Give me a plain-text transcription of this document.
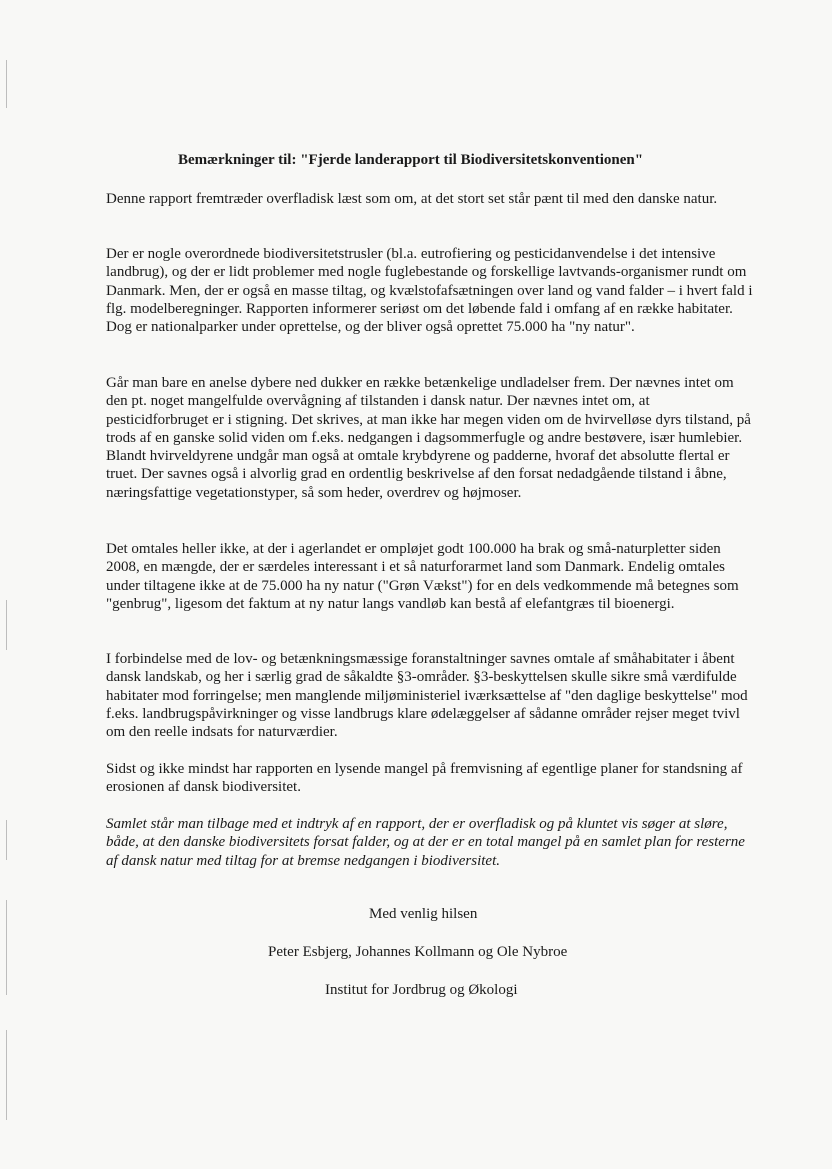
Bemærkninger til: "Fjerde landerapport til Biodiversitetskonventionen"
Denne rapport fremtræder overfladisk læst som om, at det stort set står pænt til med den danske natur.
Der er nogle overordnede biodiversitetstrusler (bl.a. eutrofiering og pesticidanvendelse i det intensive landbrug), og der er lidt problemer med nogle fuglebestande og forskellige lavtvands-organismer rundt om Danmark. Men, der er også en masse tiltag, og kvælstofafsætningen over land og vand falder – i hvert fald i flg. modelberegninger. Rapporten informerer seriøst om det løbende fald i omfang af en række habitater. Dog er nationalparker under oprettelse, og der bliver også oprettet 75.000 ha "ny natur".
Går man bare en anelse dybere ned dukker en række betænkelige undladelser frem. Der nævnes intet om den pt. noget mangelfulde overvågning af tilstanden i dansk natur. Der nævnes intet om, at pesticidforbruget er i stigning. Det skrives, at man ikke har megen viden om de hvirvelløse dyrs tilstand, på trods af en ganske solid viden om f.eks. nedgangen i dagsommerfugle og andre bestøvere, især humlebier. Blandt hvirveldyrene undgår man også at omtale krybdyrene og padderne, hvoraf det absolutte flertal er truet. Der savnes også i alvorlig grad en ordentlig beskrivelse af den forsat nedadgående tilstand i åbne, næringsfattige vegetationstyper, så som heder, overdrev og højmoser.
Det omtales heller ikke, at der i agerlandet er ompløjet godt 100.000 ha brak og små-naturpletter siden 2008, en mængde, der er særdeles interessant i et så naturforarmet land som Danmark. Endelig omtales under tiltagene ikke at de 75.000 ha ny natur ("Grøn Vækst") for en dels vedkommende må betegnes som "genbrug", ligesom det faktum at ny natur langs vandløb kan bestå af elefantgræs til bioenergi.
I forbindelse med de lov- og betænkningsmæssige foranstaltninger savnes omtale af småhabitater i åbent dansk landskab, og her i særlig grad de såkaldte §3-områder. §3-beskyttelsen skulle sikre små værdifulde habitater mod forringelse; men manglende miljøministeriel iværksættelse af "den daglige beskyttelse" mod f.eks. landbrugspåvirkninger og visse landbrugs klare ødelæggelser af sådanne områder rejser meget tvivl om den reelle indsats for naturværdier.
Sidst og ikke mindst har rapporten en lysende mangel på fremvisning af egentlige planer for standsning af erosionen af dansk biodiversitet.
Samlet står man tilbage med et indtryk af en rapport, der er overfladisk og på kluntet vis søger at sløre, både, at den danske biodiversitets forsat falder, og at der er en total mangel på en samlet plan for resterne af dansk natur med tiltag for at bremse nedgangen i biodiversitet.
Med venlig hilsen
Peter Esbjerg, Johannes Kollmann og Ole Nybroe
Institut for Jordbrug og Økologi
